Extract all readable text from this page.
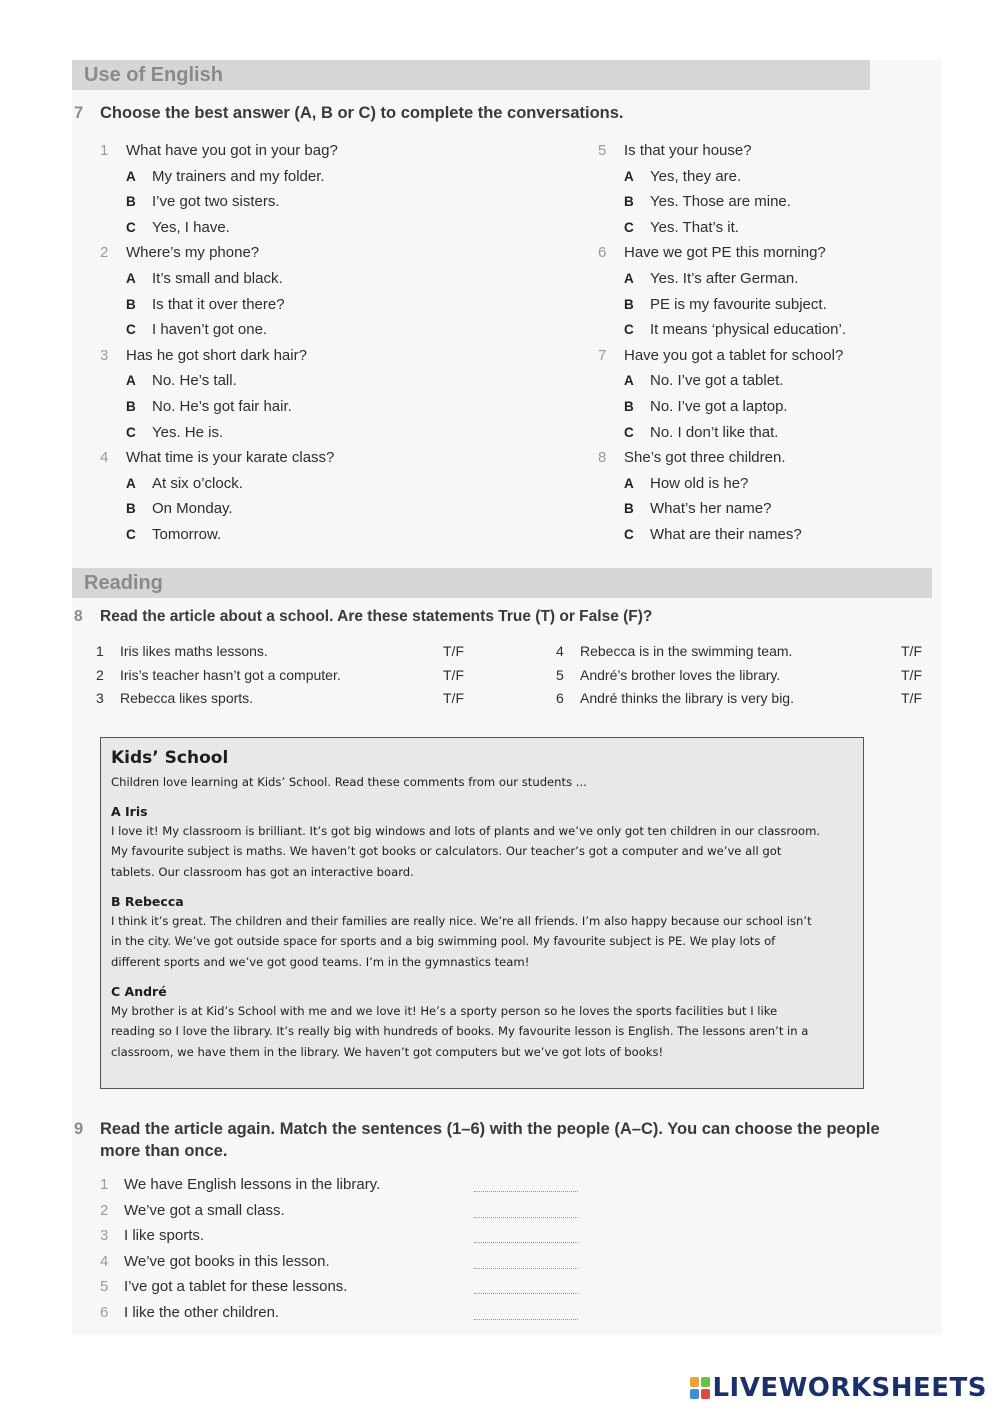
Use of English
7 Choose the best answer (A, B or C) to complete the conversations.
1 What have you got in your bag?
A My trainers and my folder.
B I’ve got two sisters.
C Yes, I have.
2 Where’s my phone?
A It’s small and black.
B Is that it over there?
C I haven’t got one.
3 Has he got short dark hair?
A No. He’s tall.
B No. He’s got fair hair.
C Yes. He is.
4 What time is your karate class?
A At six o’clock.
B On Monday.
C Tomorrow.
5 Is that your house?
A Yes, they are.
B Yes. Those are mine.
C Yes. That’s it.
6 Have we got PE this morning?
A Yes. It’s after German.
B PE is my favourite subject.
C It means ‘physical education’.
7 Have you got a tablet for school?
A No. I’ve got a tablet.
B No. I’ve got a laptop.
C No. I don’t like that.
8 She’s got three children.
A How old is he?
B What’s her name?
C What are their names?
Reading
8 Read the article about a school. Are these statements True (T) or False (F)?
1 Iris likes maths lessons.	T/F
2 Iris’s teacher hasn’t got a computer.	T/F
3 Rebecca likes sports.	T/F
4 Rebecca is in the swimming team.	T/F
5 André’s brother loves the library.	T/F
6 André thinks the library is very big.	T/F
Kids’ School
Children love learning at Kids’ School. Read these comments from our students ...
A Iris
I love it! My classroom is brilliant. It’s got big windows and lots of plants and we’ve only got ten children in our classroom.
My favourite subject is maths. We haven’t got books or calculators. Our teacher’s got a computer and we’ve all got
tablets. Our classroom has got an interactive board.
B Rebecca
I think it’s great. The children and their families are really nice. We’re all friends. I’m also happy because our school isn’t
in the city. We’ve got outside space for sports and a big swimming pool. My favourite subject is PE. We play lots of
different sports and we’ve got good teams. I’m in the gymnastics team!
C André
My brother is at Kid’s School with me and we love it! He’s a sporty person so he loves the sports facilities but I like
reading so I love the library. It’s really big with hundreds of books. My favourite lesson is English. The lessons aren’t in a
classroom, we have them in the library. We haven’t got computers but we’ve got lots of books!
9 Read the article again. Match the sentences (1–6) with the people (A–C). You can choose the people
more than once.
1 We have English lessons in the library.
2 We’ve got a small class.
3 I like sports.
4 We’ve got books in this lesson.
5 I’ve got a tablet for these lessons.
6 I like the other children.
LIVEWORKSHEETS
